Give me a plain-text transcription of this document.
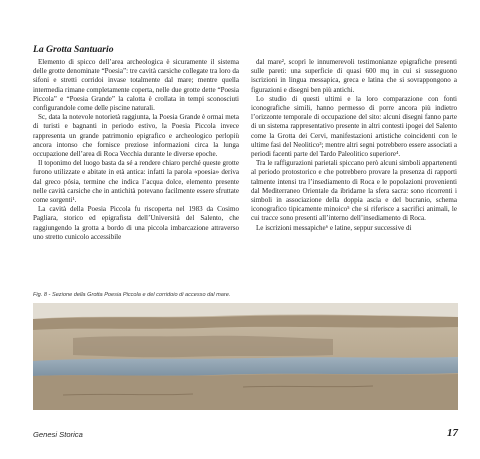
La Grotta Santuario

Elemento di spicco dell’area archeologica è sicuramente il sistema delle grotte denominate “Poesia”: tre cavità carsiche collegate tra loro da sifoni e stretti corridoi invase totalmente dal mare; mentre quella intermedia rimane completamente coperta, nelle due grotte dette “Poesia Piccola” e “Poesia Grande” la calotta è crollata in tempi sconosciuti configurandole come delle piscine naturali.

Sc, data la notevole notorietà raggiunta, la Poesia Grande è ormai meta di turisti e bagnanti in periodo estivo, la Poesia Piccola invece rappresenta un grande patrimonio epigrafico e archeologico perlopiù ancora intonso che fornisce preziose informazioni circa la lunga occupazione dell’area di Roca Vecchia durante le diverse epoche.

Il toponimo del luogo basta da sé a rendere chiaro perché queste grotte furono utilizzate e abitate in età antica: infatti la parola «poesia» deriva dal greco pósia, termine che indica l’acqua dolce, elemento presente nelle cavità carsiche che in antichità potevano facilmente essere sfruttate come sorgenti¹.

La cavità della Poesia Piccola fu riscoperta nel 1983 da Cosimo Pagliara, storico ed epigrafista dell’Università del Salento, che raggiungendo la grotta a bordo di una piccola imbarcazione attraverso uno stretto cunicolo accessibile

dal mare², scoprì le innumerevoli testimonianze epigrafiche presenti sulle pareti: una superficie di quasi 600 mq in cui si susseguono iscrizioni in lingua messapica, greca e latina che si sovrappongono a figurazioni e disegni ben più antichi.

Lo studio di questi ultimi e la loro comparazione con fonti iconografiche simili, hanno permesso di porre ancora più indietro l’orizzonte temporale di occupazione del sito: alcuni disegni fanno parte di un sistema rappresentativo presente in altri contesti ipogei del Salento come la Grotta dei Cervi, manifestazioni artistiche coincidenti con le ultime fasi del Neolitico³; mentre altri segni potrebbero essere associati a periodi facenti parte del Tardo Paleolitico superiore⁴.

Tra le raffigurazioni parietali spiccano però alcuni simboli appartenenti al periodo protostorico e che potrebbero provare la presenza di rapporti talmente intensi tra l’insediamento di Roca e le popolazioni provenienti dal Mediterraneo Orientale da ibridarne la sfera sacra: sono ricorrenti i simboli in associazione della doppia ascia e del bucranio, schema iconografico tipicamente minoico⁵ che si riferisce a sacrifici animali, le cui tracce sono presenti all’interno dell’insediamento di Roca.

Le iscrizioni messapiche⁶ e latine, seppur successive di

Fig. 8 - Sezione della Grotta Poesia Piccola e del corridoio di accesso dal mare.
Genesi Storica	17
